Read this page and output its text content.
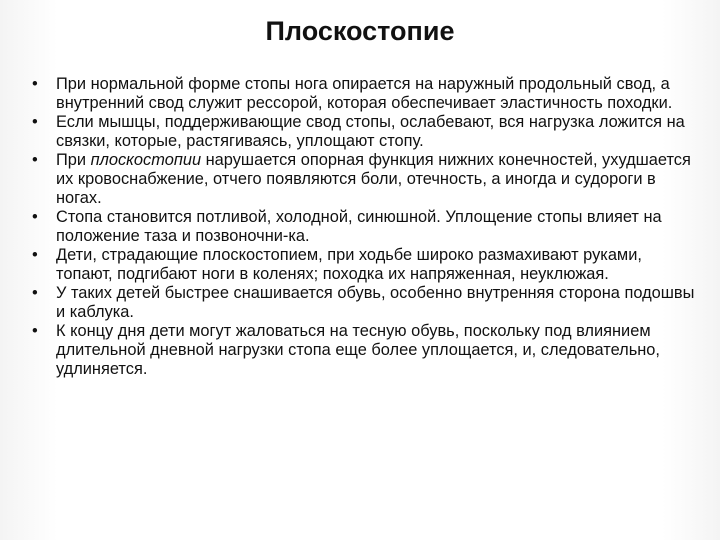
Плоскостопие
•	При нормальной форме стопы нога опирается на наружный продольный свод, а внутренний свод служит рессорой, которая обеспечивает эластичность походки.
•	Если мышцы, поддерживающие свод стопы, ослабевают, вся нагрузка ложится на связки, которые, растягиваясь, уплощают стопу.
•	При плоскостопии нарушается опорная функция нижних конечностей, ухудшается их кровоснабжение, отчего появляются боли, отечность, а иногда и судороги в ногах.
•	Стопа становится потливой, холодной, синюшной. Уплощение стопы влияет на положение таза и позвоночни-ка.
•	Дети, страдающие плоскостопием, при ходьбе широко размахивают руками, топают, подгибают ноги в коленях; походка их напряженная, неуклюжая.
•	У таких детей быстрее снашивается обувь, особенно внутренняя сторона подошвы и каблука.
•	К концу дня дети могут жаловаться на тесную обувь, поскольку под влиянием длительной дневной нагрузки стопа еще более уплощается, и, следовательно, удлиняется.
